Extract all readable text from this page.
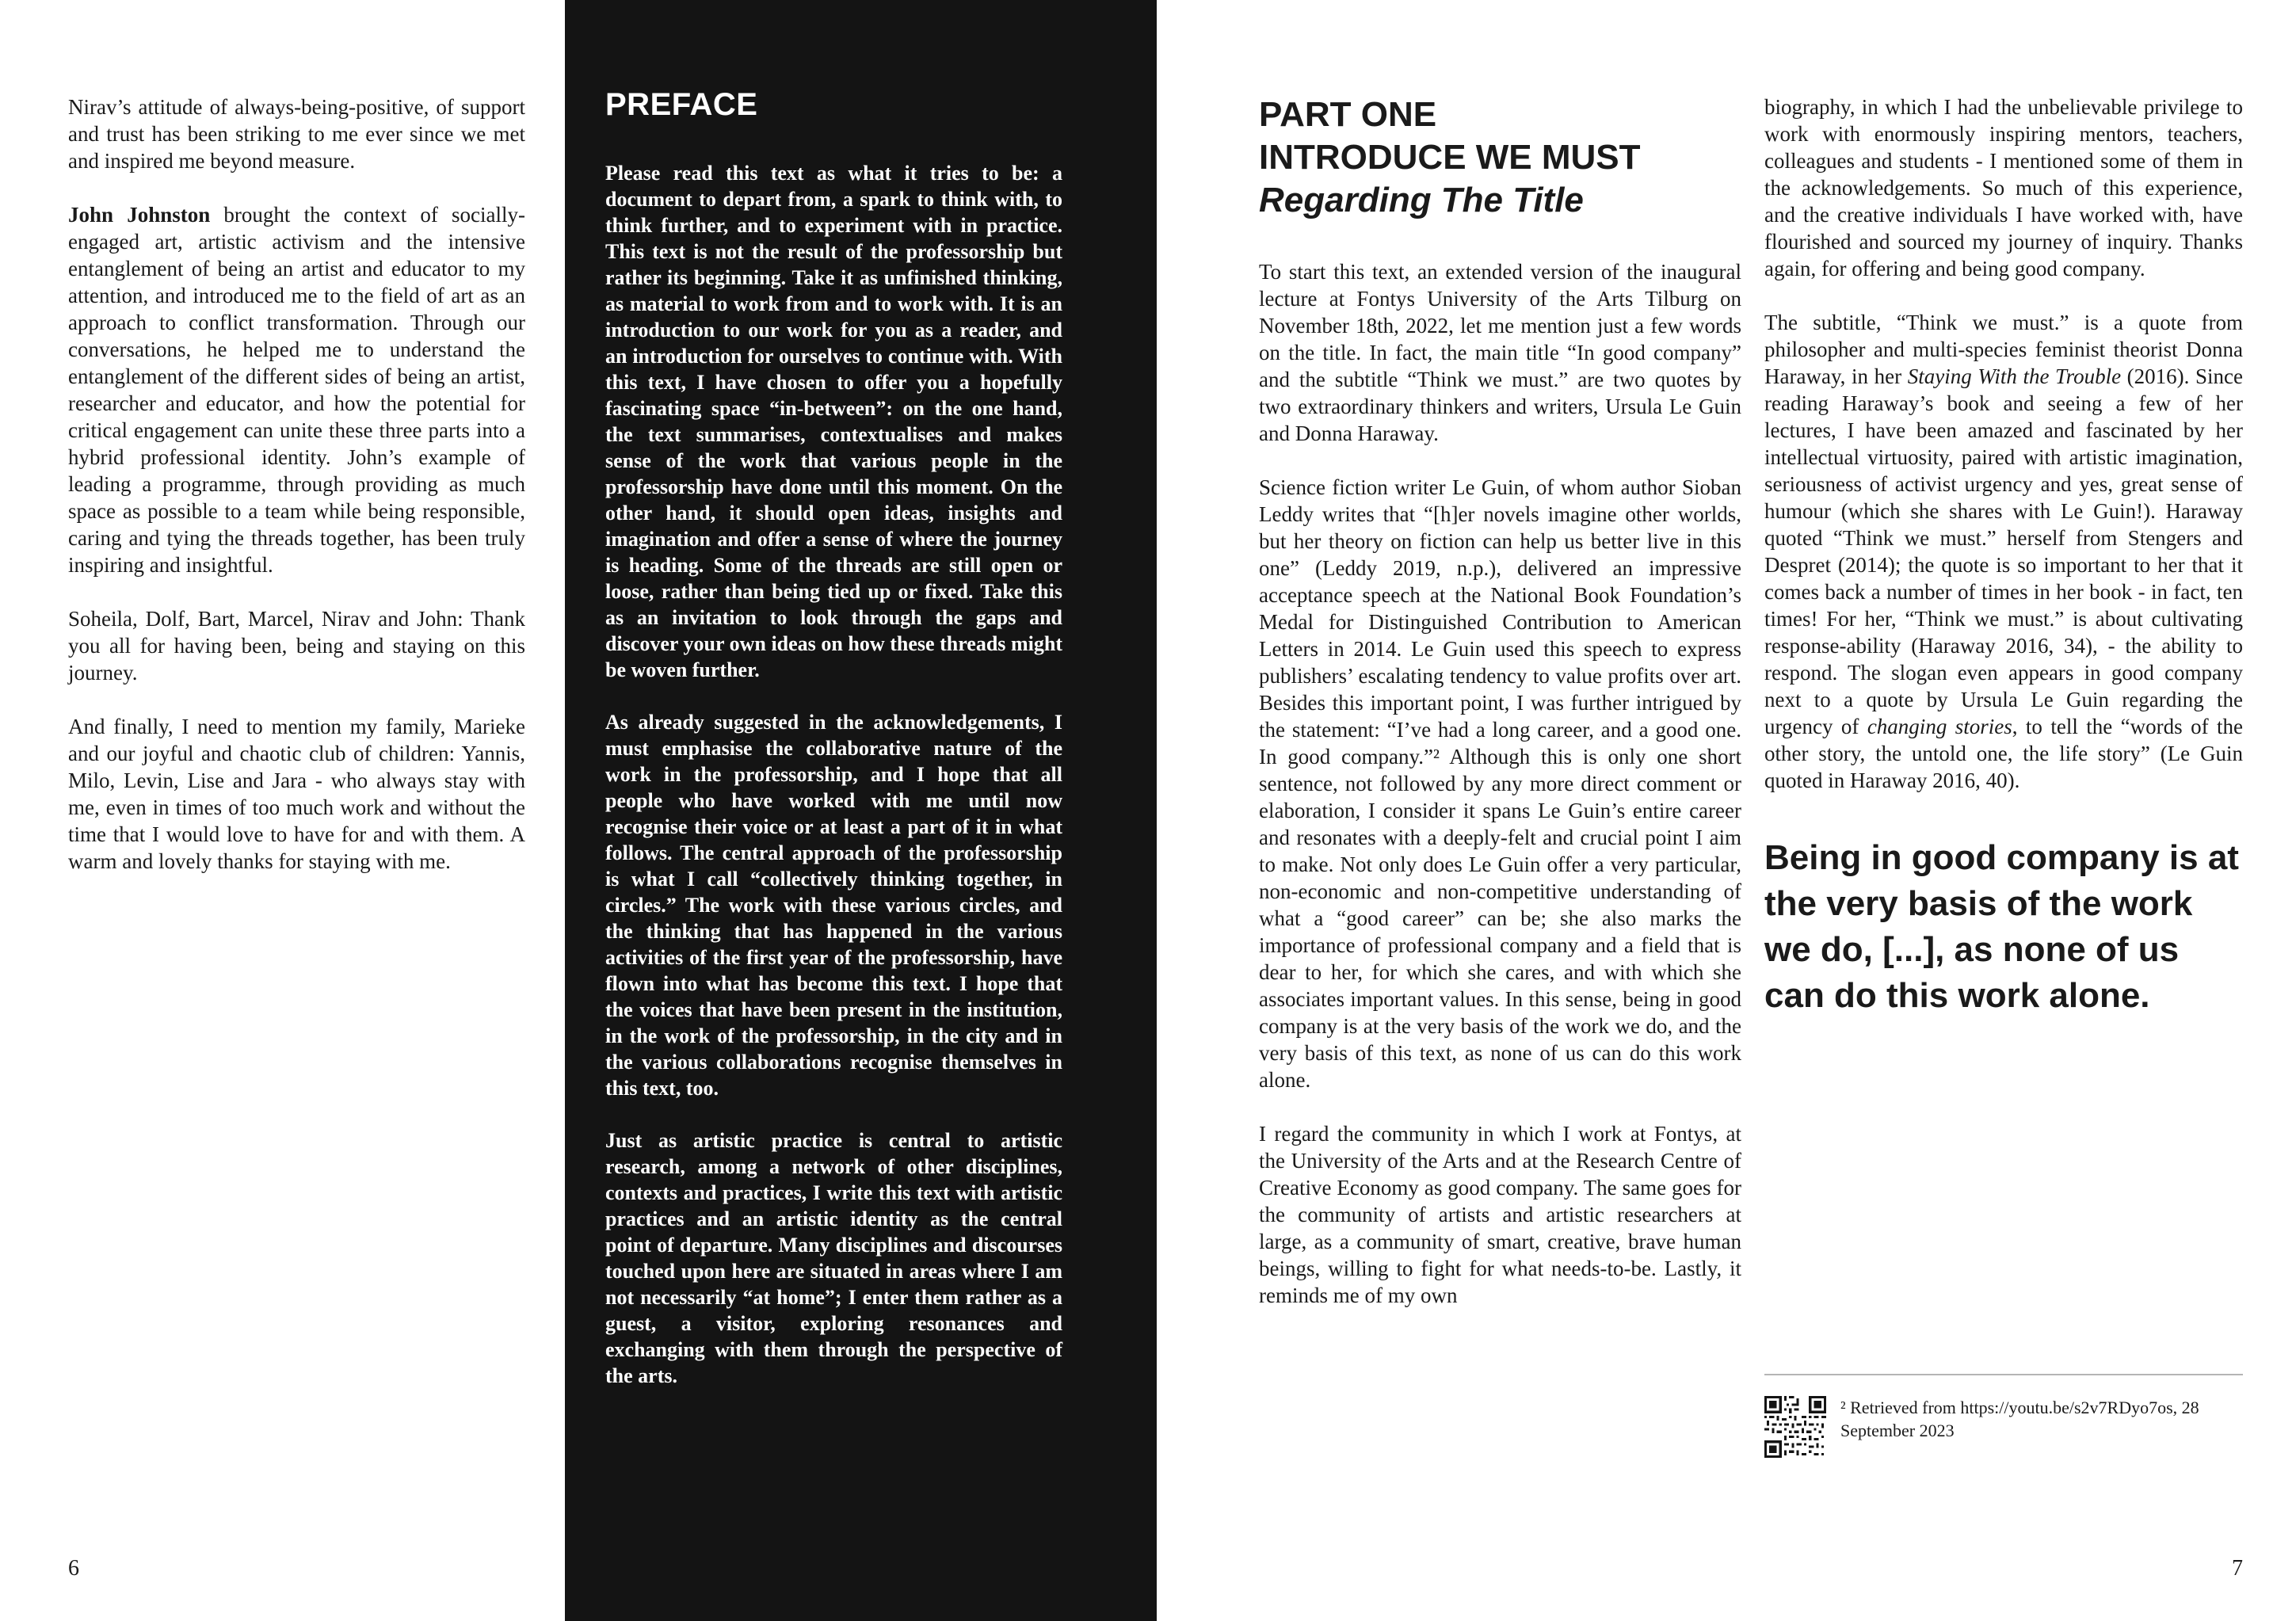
Nirav’s attitude of always-being-positive, of support and trust has been striking to me ever since we met and inspired me beyond measure.

John Johnston brought the context of socially-engaged art, artistic activism and the intensive entanglement of being an artist and educator to my attention, and introduced me to the field of art as an approach to conflict transformation. Through our conversations, he helped me to understand the entanglement of the different sides of being an artist, researcher and educator, and how the potential for critical engagement can unite these three parts into a hybrid professional identity. John’s example of leading a programme, through providing as much space as possible to a team while being responsible, caring and tying the threads together, has been truly inspiring and insightful.

Soheila, Dolf, Bart, Marcel, Nirav and John: Thank you all for having been, being and staying on this journey.

And finally, I need to mention my family, Marieke and our joyful and chaotic club of children: Yannis, Milo, Levin, Lise and Jara - who always stay with me, even in times of too much work and without the time that I would love to have for and with them. A warm and lovely thanks for staying with me.

PREFACE

Please read this text as what it tries to be: a document to depart from, a spark to think with, to think further, and to experiment with in practice. This text is not the result of the professorship but rather its beginning. Take it as unfinished thinking, as material to work from and to work with. It is an introduction to our work for you as a reader, and an introduction for ourselves to continue with. With this text, I have chosen to offer you a hopefully fascinating space “in-between”: on the one hand, the text summarises, contextualises and makes sense of the work that various people in the professorship have done until this moment. On the other hand, it should open ideas, insights and imagination and offer a sense of where the journey is heading. Some of the threads are still open or loose, rather than being tied up or fixed. Take this as an invitation to look through the gaps and discover your own ideas on how these threads might be woven further.

As already suggested in the acknowledgements, I must emphasise the collaborative nature of the work in the professorship, and I hope that all people who have worked with me until now recognise their voice or at least a part of it in what follows. The central approach of the professorship is what I call “collectively thinking together, in circles.” The work with these various circles, and the thinking that has happened in the various activities of the first year of the professorship, have flown into what has become this text. I hope that the voices that have been present in the institution, in the work of the professorship, in the city and in the various collaborations recognise themselves in this text, too.

Just as artistic practice is central to artistic research, among a network of other disciplines, contexts and practices, I write this text with artistic practices and an artistic identity as the central point of departure. Many disciplines and discourses touched upon here are situated in areas where I am not necessarily “at home”; I enter them rather as a guest, a visitor, exploring resonances and exchanging with them through the perspective of the arts.

PART ONE
INTRODUCE WE MUST
Regarding The Title

To start this text, an extended version of the inaugural lecture at Fontys University of the Arts Tilburg on November 18th, 2022, let me mention just a few words on the title. In fact, the main title “In good company” and the subtitle “Think we must.” are two quotes by two extraordinary thinkers and writers, Ursula Le Guin and Donna Haraway.

Science fiction writer Le Guin, of whom author Sioban Leddy writes that “[h]er novels imagine other worlds, but her theory on fiction can help us better live in this one” (Leddy 2019, n.p.), delivered an impressive acceptance speech at the National Book Foundation’s Medal for Distinguished Contribution to American Letters in 2014. Le Guin used this speech to express publishers’ escalating tendency to value profits over art. Besides this important point, I was further intrigued by the statement: “I’ve had a long career, and a good one. In good company.”² Although this is only one short sentence, not followed by any more direct comment or elaboration, I consider it spans Le Guin’s entire career and resonates with a deeply-felt and crucial point I aim to make. Not only does Le Guin offer a very particular, non-economic and non-competitive understanding of what a “good career” can be; she also marks the importance of professional company and a field that is dear to her, for which she cares, and with which she associates important values. In this sense, being in good company is at the very basis of the work we do, and the very basis of this text, as none of us can do this work alone.

I regard the community in which I work at Fontys, at the University of the Arts and at the Research Centre of Creative Economy as good company. The same goes for the community of artists and artistic researchers at large, as a community of smart, creative, brave human beings, willing to fight for what needs-to-be. Lastly, it reminds me of my own

biography, in which I had the unbelievable privilege to work with enormously inspiring mentors, teachers, colleagues and students - I mentioned some of them in the acknowledgements. So much of this experience, and the creative individuals I have worked with, have flourished and sourced my journey of inquiry. Thanks again, for offering and being good company.

The subtitle, “Think we must.” is a quote from philosopher and multi-species feminist theorist Donna Haraway, in her Staying With the Trouble (2016). Since reading Haraway’s book and seeing a few of her lectures, I have been amazed and fascinated by her intellectual virtuosity, paired with artistic imagination, seriousness of activist urgency and yes, great sense of humour (which she shares with Le Guin!). Haraway quoted “Think we must.” herself from Stengers and Despret (2014); the quote is so important to her that it comes back a number of times in her book - in fact, ten times! For her, “Think we must.” is about cultivating response-ability (Haraway 2016, 34), - the ability to respond. The slogan even appears in good company next to a quote by Ursula Le Guin regarding the urgency of changing stories, to tell the “words of the other story, the untold one, the life story” (Le Guin quoted in Haraway 2016, 40).

Being in good company is at the very basis of the work we do, [...], as none of us can do this work alone.
² Retrieved from https://youtu.be/s2v7RDyo7os, 28 September 2023
6	7
